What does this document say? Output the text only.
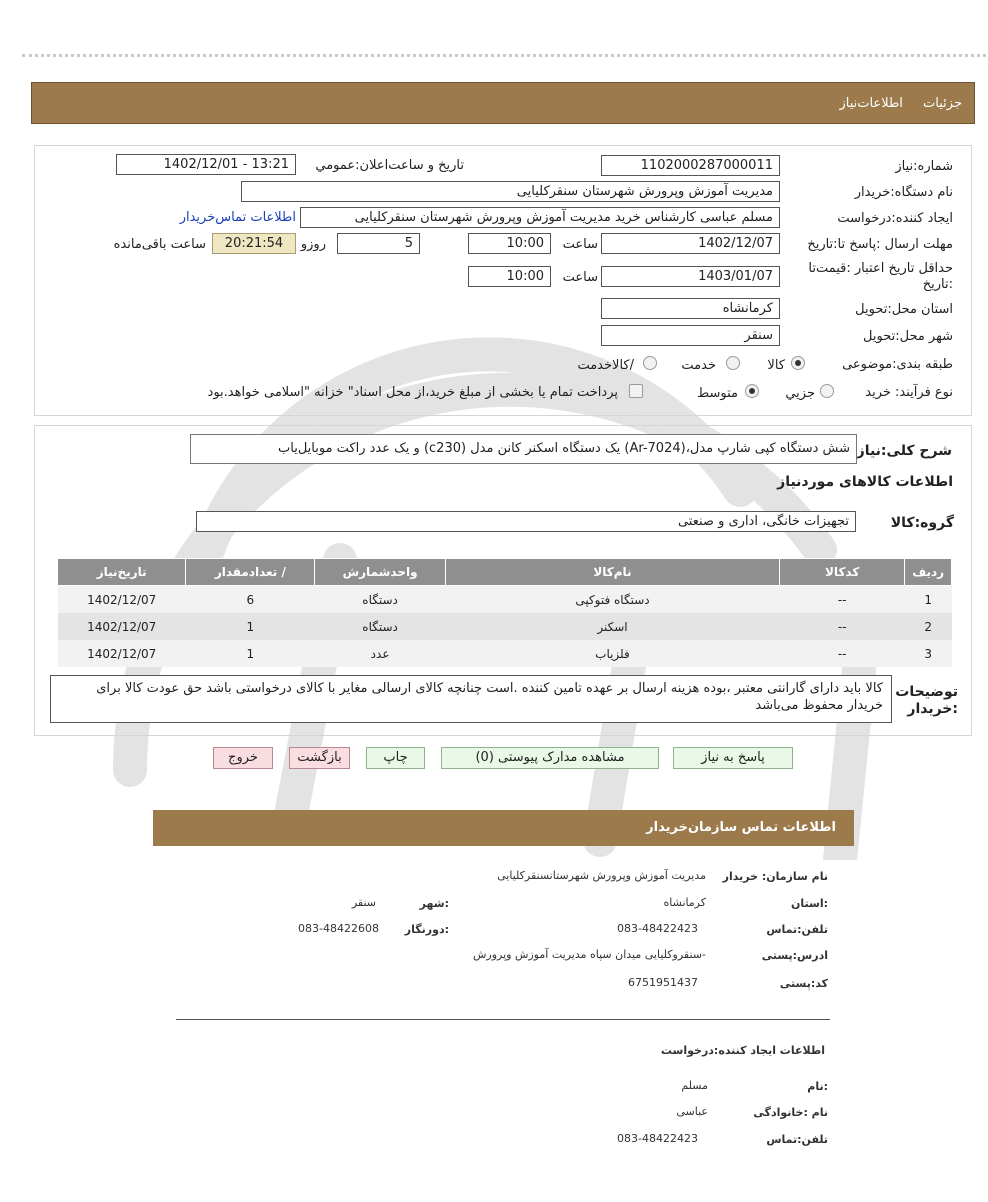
جزئیات اطلاعات‌نیاز
شماره:نیاز
1102000287000011
تاریخ و ساعت‌اعلان:عمومي
1402/12/01 - 13:21
نام دستگاه:خریدار
مدیریت آموزش وپرورش شهرستان سنقرکلیایی
ایجاد کننده:درخواست
مسلم عباسی کارشناس خرید مدیریت آموزش وپرورش شهرستان سنقرکلیایی
اطلاعات تماس‌خریدار
مهلت ارسال :پاسخ تا:تاریخ
1402/12/07
ساعت
10:00
5
روزو
20:21:54
ساعت باقی‌مانده
حداقل تاریخ اعتبار :قیمت‌تا :تاریخ
1403/01/07
ساعت
10:00
استان محل:تحویل
کرمانشاه
شهر محل:تحویل
سنقر
طبقه بندی:موضوعی
کالا
خدمت
/کالاخدمت
نوع فرآیند: خرید
جزیي
متوسط
پرداخت تمام یا بخشی از مبلغ خرید،از محل اسناد" خزانه "اسلامی خواهد.بود
شرح کلی:نیاز
شش دستگاه کپی شارپ مدل،(Ar-7024) یک دستگاه اسکنر کانن مدل (c230) و یک عدد راکت موبایل‌یاب
اطلاعات کالاهای موردنیاز
گروه:کالا
تجهیزات خانگی، اداری و صنعتی
ردیف	کدکالا	نام‌کالا	واحدشمارش	/ تعدادمقدار	تاریخ‌نیاز
1	--	دستگاه فتوکپی	دستگاه	6	1402/12/07
2	--	اسکنر	دستگاه	1	1402/12/07
3	--	فلزیاب	عدد	1	1402/12/07
توضیحات :خریدار
کالا باید دارای گارانتی معتبر ،بوده هزینه ارسال بر عهده تامین کننده .است چنانچه کالای ارسالی مغایر با کالای درخواستی باشد حق عودت کالا برای خریدار محفوظ می‌باشد
پاسخ به نیاز
مشاهده مدارک پیوستی (0)
چاپ
بازگشت
خروج
اطلاعات تماس سازمان‌خریدار
نام سازمان: خریدار
مدیریت آموزش وپرورش شهرستانسنقرکلیایی
:استان
کرمانشاه
:شهر
سنقر
تلفن:تماس
083-48422423
:دورنگار
083-48422608
ادرس:پستی
-سنقروکلیایی میدان سپاه مدیریت آموزش وپرورش
کد:پستی
6751951437
اطلاعات ایجاد کننده:درخواست
:نام
مسلم
نام :خانوادگی
عباسی
تلفن:تماس
083-48422423
